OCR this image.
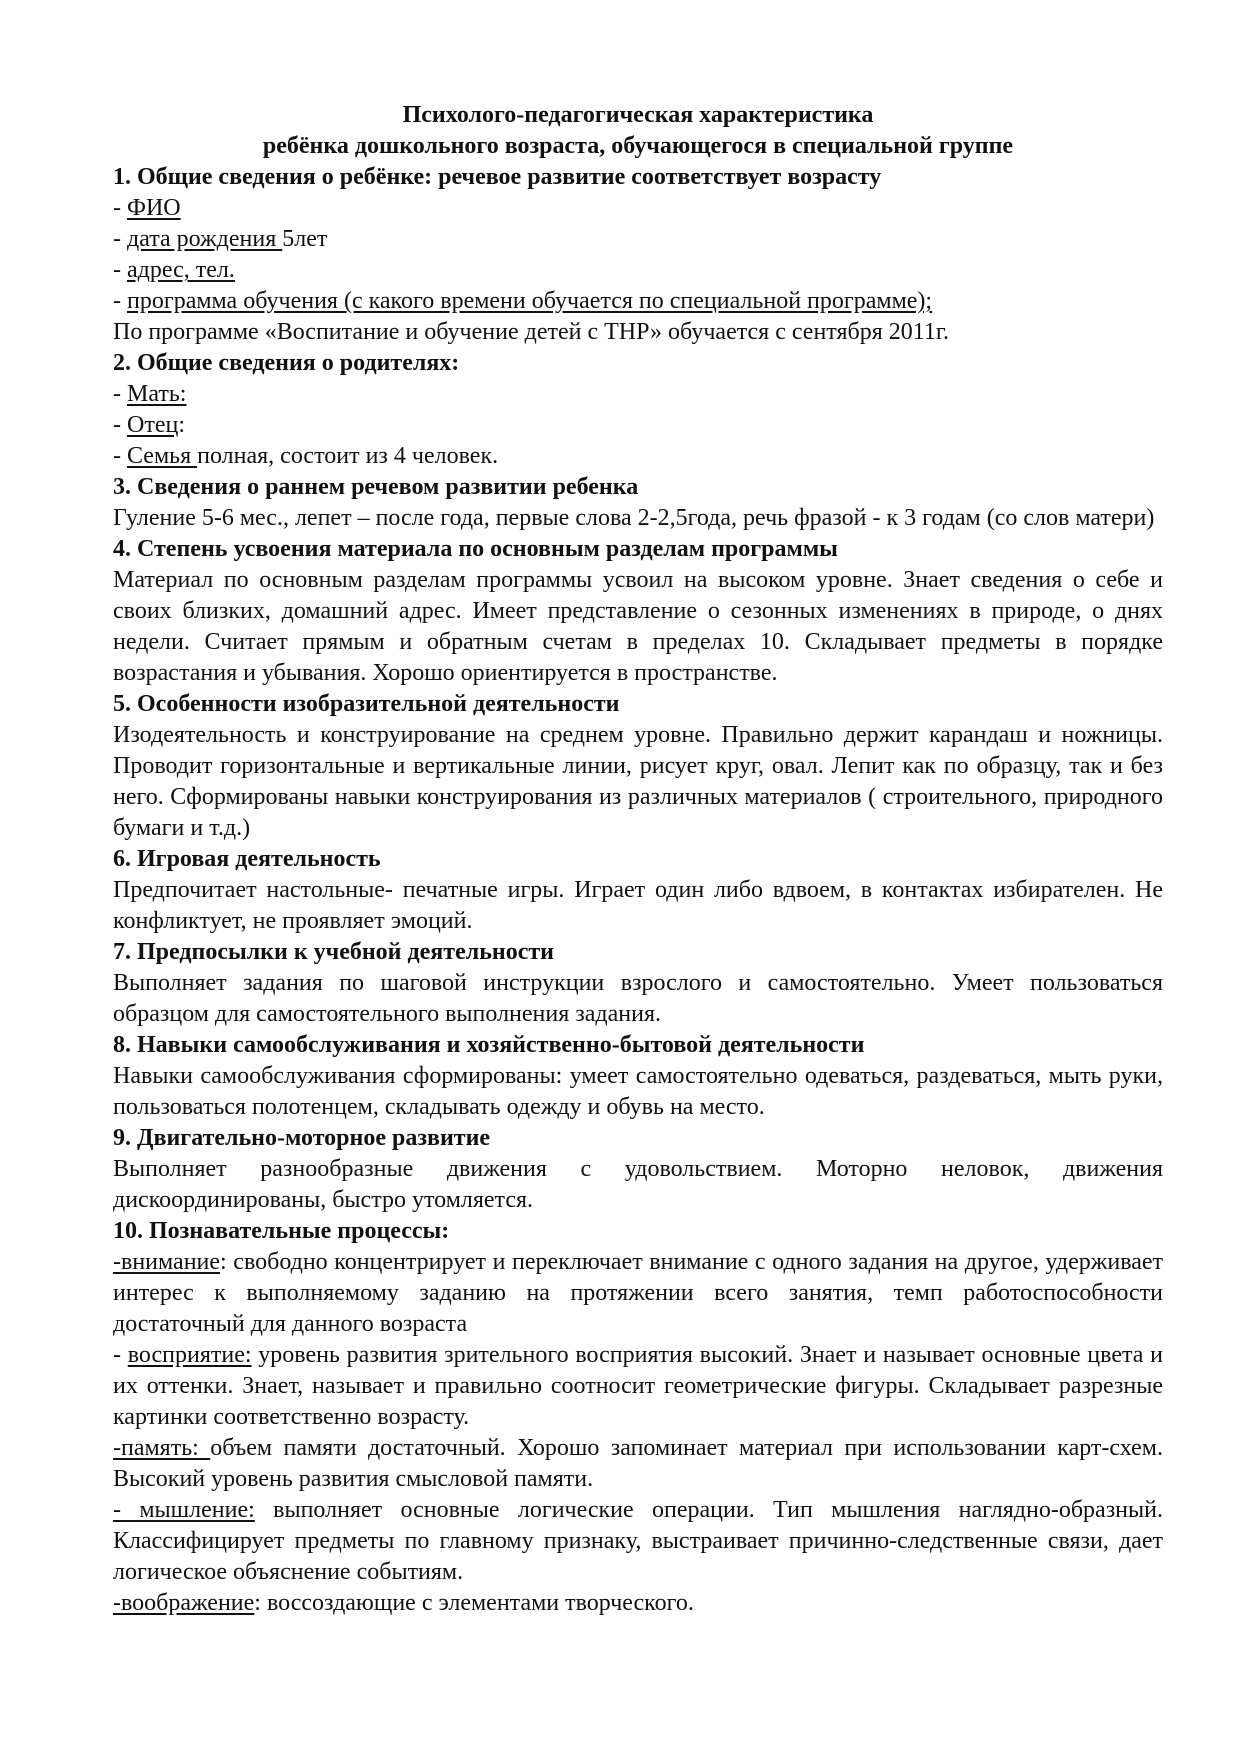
Психолого-педагогическая характеристика
ребёнка дошкольного возраста, обучающегося в специальной группе
1. Общие сведения о ребёнке: речевое развитие соответствует возрасту
- ФИО
- дата рождения 5лет
- адрес, тел.
- программа обучения (с какого времени обучается по специальной программе);
По программе «Воспитание и обучение детей с ТНР» обучается с сентября 2011г.
2. Общие сведения о родителях:
- Мать:
- Отец:
- Семья полная, состоит из 4 человек.
3. Сведения о раннем речевом развитии ребенка
Гуление 5-6 мес., лепет – после года, первые слова 2-2,5года, речь фразой - к 3 годам (со слов матери)
4. Степень усвоения материала по основным разделам программы
Материал по основным разделам программы усвоил на высоком уровне. Знает сведения о себе и своих близких, домашний адрес. Имеет представление о сезонных изменениях в природе, о днях недели. Считает прямым и обратным счетам в пределах 10. Складывает предметы в порядке возрастания и убывания. Хорошо ориентируется в пространстве.
5. Особенности изобразительной деятельности
Изодеятельность и конструирование на среднем уровне. Правильно держит карандаш и ножницы. Проводит горизонтальные и вертикальные линии, рисует круг, овал. Лепит как по образцу, так и без него. Сформированы навыки конструирования из различных материалов ( строительного, природного бумаги и т.д.)
6. Игровая деятельность
Предпочитает настольные- печатные игры. Играет один либо вдвоем, в контактах избирателен. Не конфликтует, не проявляет эмоций.
7. Предпосылки к учебной деятельности
Выполняет задания по шаговой инструкции взрослого и самостоятельно. Умеет пользоваться образцом для самостоятельного выполнения задания.
8. Навыки самообслуживания и хозяйственно-бытовой деятельности
Навыки самообслуживания сформированы: умеет самостоятельно одеваться, раздеваться, мыть руки, пользоваться полотенцем, складывать одежду и обувь на место.
9. Двигательно-моторное развитие
Выполняет разнообразные движения с удовольствием. Моторно неловок, движения дискоординированы, быстро утомляется.
10. Познавательные процессы:
-внимание: свободно концентрирует и переключает внимание с одного задания на другое, удерживает интерес к выполняемому заданию на протяжении всего занятия, темп работоспособности достаточный для данного возраста
- восприятие: уровень развития зрительного восприятия высокий. Знает и называет основные цвета и их оттенки. Знает, называет и правильно соотносит геометрические фигуры. Складывает разрезные картинки соответственно возрасту.
-память: объем памяти достаточный. Хорошо запоминает материал при использовании карт-схем. Высокий уровень развития смысловой памяти.
- мышление: выполняет основные логические операции. Тип мышления наглядно-образный. Классифицирует предметы по главному признаку, выстраивает причинно-следственные связи, дает логическое объяснение событиям.
-воображение: воссоздающие с элементами творческого.
